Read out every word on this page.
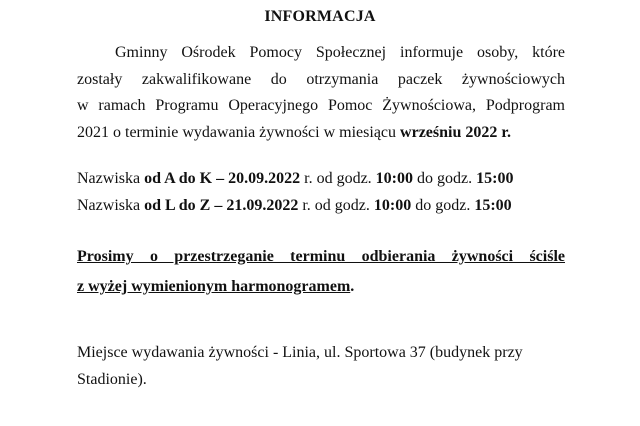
INFORMACJA
Gminny Ośrodek Pomocy Społecznej informuje osoby, które
zostały zakwalifikowane do otrzymania paczek żywnościowych
w ramach Programu Operacyjnego Pomoc Żywnościowa, Podprogram
2021 o terminie wydawania żywności w miesiącu wrześniu 2022 r.
Nazwiska od A do K – 20.09.2022 r. od godz. 10:00 do godz. 15:00
Nazwiska od L do Z – 21.09.2022 r. od godz. 10:00 do godz. 15:00
Prosimy o przestrzeganie terminu odbierania żywności ściśle
z wyżej wymienionym harmonogramem.
Miejsce wydawania żywności - Linia, ul. Sportowa 37 (budynek przy
Stadionie).
